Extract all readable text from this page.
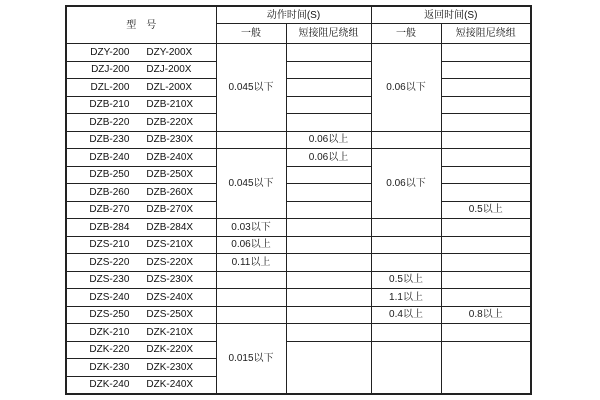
型　号	动作时间(S)		返回时间(S)	
	一般	短接阻尼绕组	一般	短接阻尼绕组
DZY-200 DZY-200X	0.045以下		0.06以下	
DZJ-200 DZJ-200X				
DZL-200 DZL-200X				
DZB-210 DZB-210X				
DZB-220 DZB-220X				
DZB-230 DZB-230X		0.06以上		
DZB-240 DZB-240X	0.045以下	0.06以上	0.06以下	
DZB-250 DZB-250X				
DZB-260 DZB-260X				
DZB-270 DZB-270X				0.5以上
DZB-284 DZB-284X	0.03以下			
DZS-210 DZS-210X	0.06以上			
DZS-220 DZS-220X	0.11以上			
DZS-230 DZS-230X			0.5以上	
DZS-240 DZS-240X			1.1以上	
DZS-250 DZS-250X			0.4以上	0.8以上
DZK-210 DZK-210X	0.015以下			
DZK-220 DZK-220X				
DZK-230 DZK-230X				
DZK-240 DZK-240X				
